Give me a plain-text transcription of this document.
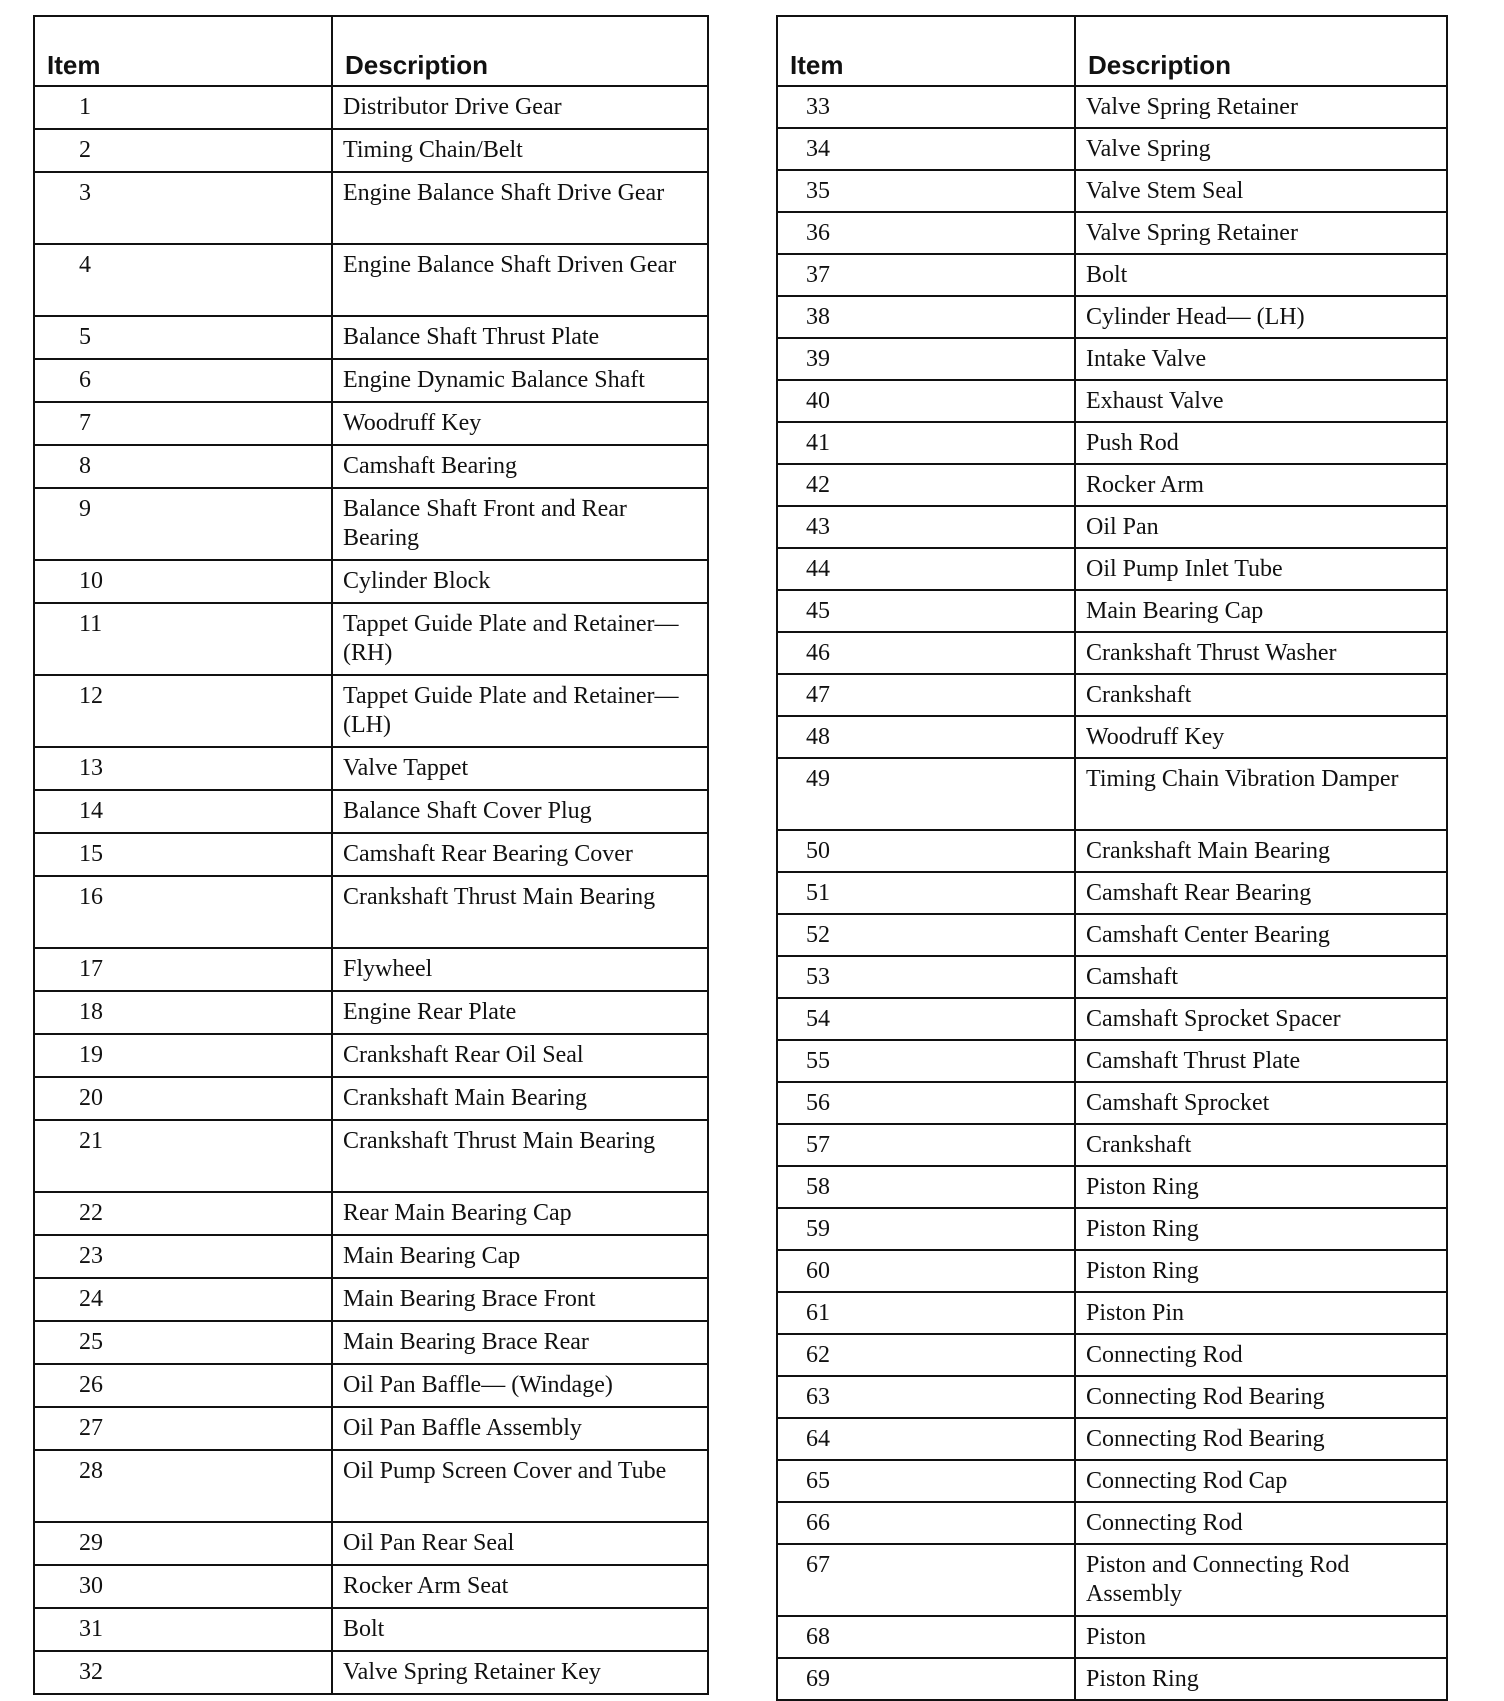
Item	Description
1	Distributor Drive Gear
2	Timing Chain/Belt
3	Engine Balance Shaft Drive Gear
4	Engine Balance Shaft Driven Gear
5	Balance Shaft Thrust Plate
6	Engine Dynamic Balance Shaft
7	Woodruff Key
8	Camshaft Bearing
9	Balance Shaft Front and Rear Bearing
10	Cylinder Block
11	Tappet Guide Plate and Retainer— (RH)
12	Tappet Guide Plate and Retainer— (LH)
13	Valve Tappet
14	Balance Shaft Cover Plug
15	Camshaft Rear Bearing Cover
16	Crankshaft Thrust Main Bearing
17	Flywheel
18	Engine Rear Plate
19	Crankshaft Rear Oil Seal
20	Crankshaft Main Bearing
21	Crankshaft Thrust Main Bearing
22	Rear Main Bearing Cap
23	Main Bearing Cap
24	Main Bearing Brace Front
25	Main Bearing Brace Rear
26	Oil Pan Baffle— (Windage)
27	Oil Pan Baffle Assembly
28	Oil Pump Screen Cover and Tube
29	Oil Pan Rear Seal
30	Rocker Arm Seat
31	Bolt
32	Valve Spring Retainer Key
Item	Description
33	Valve Spring Retainer
34	Valve Spring
35	Valve Stem Seal
36	Valve Spring Retainer
37	Bolt
38	Cylinder Head— (LH)
39	Intake Valve
40	Exhaust Valve
41	Push Rod
42	Rocker Arm
43	Oil Pan
44	Oil Pump Inlet Tube
45	Main Bearing Cap
46	Crankshaft Thrust Washer
47	Crankshaft
48	Woodruff Key
49	Timing Chain Vibration Damper
50	Crankshaft Main Bearing
51	Camshaft Rear Bearing
52	Camshaft Center Bearing
53	Camshaft
54	Camshaft Sprocket Spacer
55	Camshaft Thrust Plate
56	Camshaft Sprocket
57	Crankshaft
58	Piston Ring
59	Piston Ring
60	Piston Ring
61	Piston Pin
62	Connecting Rod
63	Connecting Rod Bearing
64	Connecting Rod Bearing
65	Connecting Rod Cap
66	Connecting Rod
67	Piston and Connecting Rod Assembly
68	Piston
69	Piston Ring
